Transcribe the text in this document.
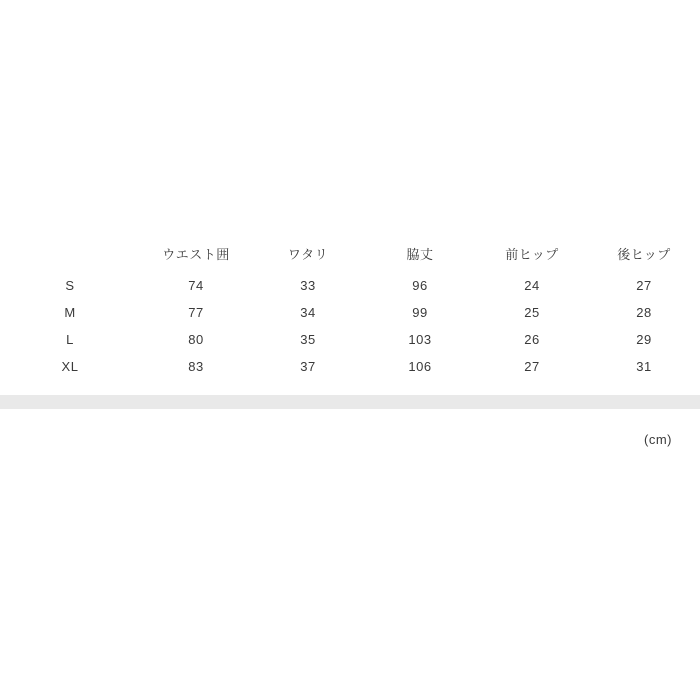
	ウエスト囲	ワタリ	脇丈	前ヒップ	後ヒップ
S	74	33	96	24	27
M	77	34	99	25	28
L	80	35	103	26	29
XL	83	37	106	27	31
(cm)
